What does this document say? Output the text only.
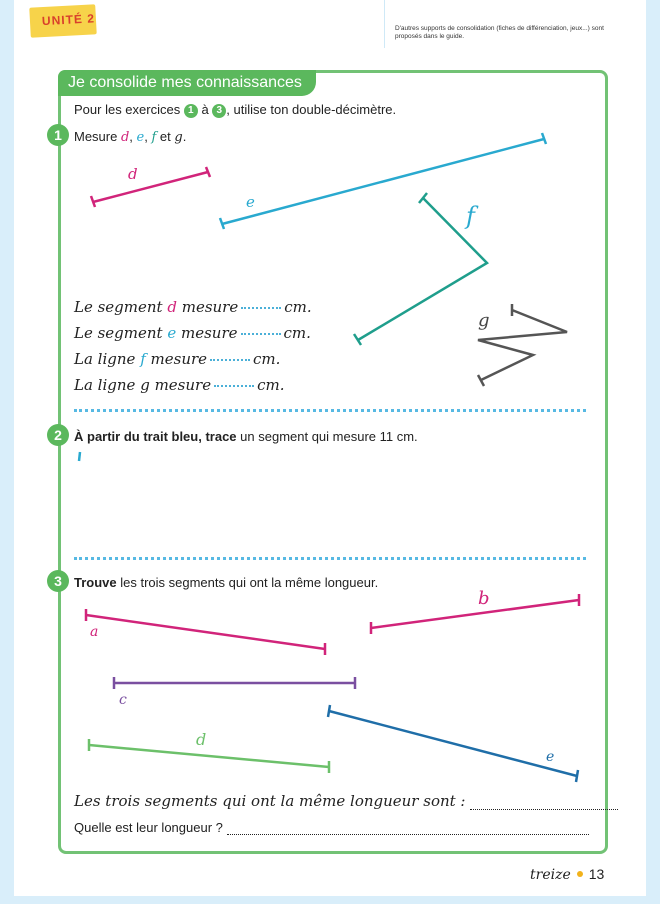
UNITÉ 2

D'autres supports de consolidation (fiches de différenciation, jeux...) sont proposés dans le guide.

Je consolide mes connaissances
Pour les exercices 1 à 3 , utilise ton double-décimètre.
1 Mesure d, e, f et g.
d
e	f
g
Le segment d mesure	cm.
Le segment e mesure	cm.
La ligne f mesure	cm.
La ligne g mesure	cm.
2 À partir du trait bleu, trace un segment qui mesure 11 cm.
3 Trouve les trois segments qui ont la même longueur.
a
b
c
d
e
Les trois segments qui ont la même longueur sont :
Quelle est leur longueur ?
treize 13
